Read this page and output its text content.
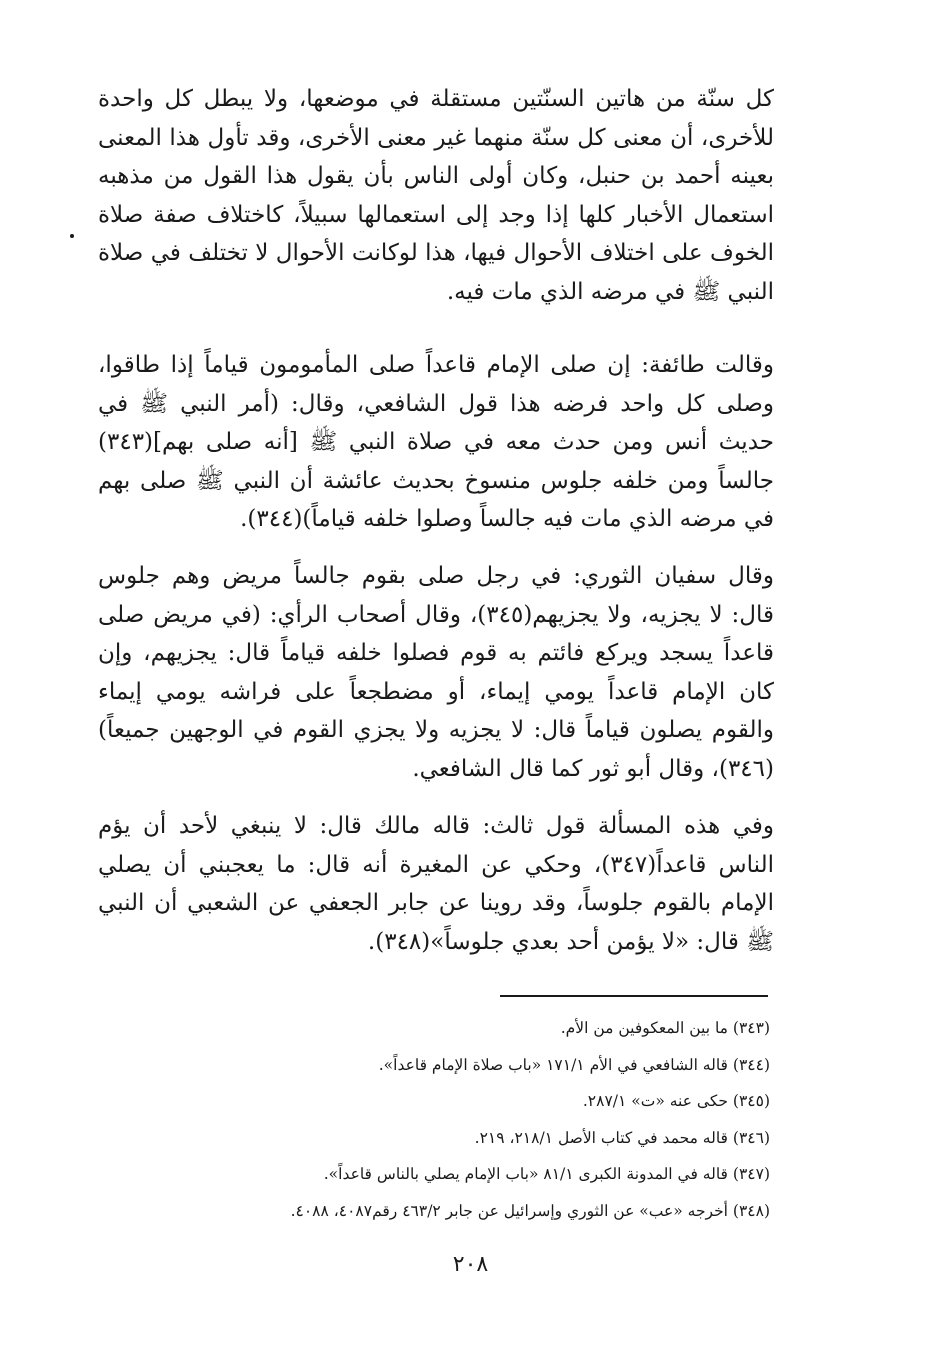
كل سنّة من هاتين السنّتين مستقلة في موضعها، ولا يبطل كل واحدة للأخرى، أن معنى كل سنّة منهما غير معنى الأخرى، وقد تأول هذا المعنى بعينه أحمد بن حنبل، وكان أولى الناس بأن يقول هذا القول من مذهبه استعمال الأخبار كلها إذا وجد إلى استعمالها سبيلاً، كاختلاف صفة صلاة الخوف على اختلاف الأحوال فيها، هذا لوكانت الأحوال لا تختلف في صلاة النبي ﷺ في مرضه الذي مات فيه.

وقالت طائفة: إن صلى الإمام قاعداً صلى المأمومون قياماً إذا طاقوا، وصلى كل واحد فرضه هذا قول الشافعي، وقال: (أمر النبي ﷺ في حديث أنس ومن حدث معه في صلاة النبي ﷺ [أنه صلى بهم](٣٤٣) جالساً ومن خلفه جلوس منسوخ بحديث عائشة أن النبي ﷺ صلى بهم في مرضه الذي مات فيه جالساً وصلوا خلفه قياماً)(٣٤٤).

وقال سفيان الثوري: في رجل صلى بقوم جالساً مريض وهم جلوس قال: لا يجزيه، ولا يجزيهم(٣٤٥)، وقال أصحاب الرأي: (في مريض صلى قاعداً يسجد ويركع فائتم به قوم فصلوا خلفه قياماً قال: يجزيهم، وإن كان الإمام قاعداً يومي إيماء، أو مضطجعاً على فراشه يومي إيماء والقوم يصلون قياماً قال: لا يجزيه ولا يجزي القوم في الوجهين جميعاً)(٣٤٦)، وقال أبو ثور كما قال الشافعي.

وفي هذه المسألة قول ثالث: قاله مالك قال: لا ينبغي لأحد أن يؤم الناس قاعداً(٣٤٧)، وحكي عن المغيرة أنه قال: ما يعجبني أن يصلي الإمام بالقوم جلوساً، وقد روينا عن جابر الجعفي عن الشعبي أن النبي ﷺ قال: «لا يؤمن أحد بعدي جلوساً»(٣٤٨).

(٣٤٣) ما بين المعكوفين من الأم.
(٣٤٤) قاله الشافعي في الأم ١٧١/١ «باب صلاة الإمام قاعداً».
(٣٤٥) حكى عنه «ت» ٢٨٧/١.
(٣٤٦) قاله محمد في كتاب الأصل ٢١٨/١، ٢١٩.
(٣٤٧) قاله في المدونة الكبرى ٨١/١ «باب الإمام يصلي بالناس قاعداً».
(٣٤٨) أخرجه «عب» عن الثوري وإسرائيل عن جابر ٤٦٣/٢ رقم٤٠٨٧، ٤٠٨٨.
٢٠٨
